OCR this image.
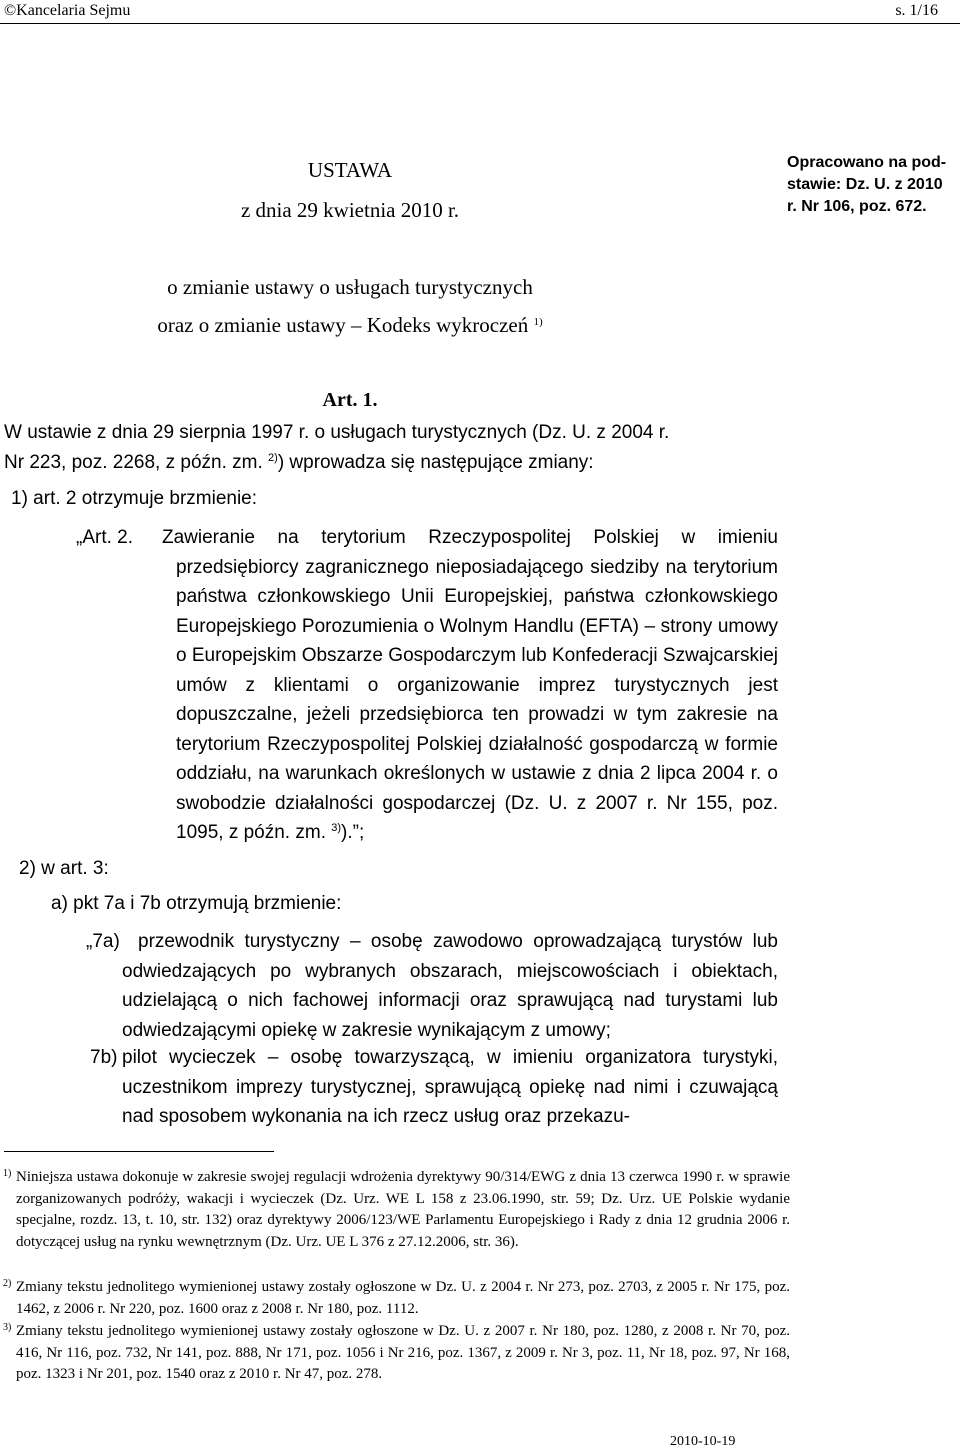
©Kancelaria Sejmu	s. 1/16
USTAWA
z dnia 29 kwietnia 2010 r.
o zmianie ustawy o usługach turystycznych
oraz o zmianie ustawy – Kodeks wykroczeń $^{1)}$
Opracowano na pod-
stawie: Dz. U. z 2010
r. Nr 106, poz. 672.
Art. 1.
W ustawie z dnia 29 sierpnia 1997 r. o usługach turystycznych (Dz. U. z 2004 r.
Nr 223, poz. 2268, z późn. zm. $^{2)}$) wprowadza się następujące zmiany:
1) art. 2 otrzymuje brzmienie:
„Art. 2. Zawieranie na terytorium Rzeczypospolitej Polskiej w imieniu przedsiębiorcy zagranicznego nieposiadającego siedziby na terytorium państwa członkowskiego Unii Europejskiej, państwa członkowskiego Europejskiego Porozumienia o Wolnym Handlu (EFTA) – strony umowy o Europejskim Obszarze Gospodarczym lub Konfederacji Szwajcarskiej umów z klientami o organizowanie imprez turystycznych jest dopuszczalne, jeżeli przedsiębiorca ten prowadzi w tym zakresie na terytorium Rzeczypospolitej Polskiej działalność gospodarczą w formie oddziału, na warunkach określonych w ustawie z dnia 2 lipca 2004 r. o swobodzie działalności gospodarczej (Dz. U. z 2007 r. Nr 155, poz. 1095, z późn. zm. $^{3)}$).”;
2) w art. 3:
a) pkt 7a i 7b otrzymują brzmienie:
„7a) przewodnik turystyczny – osobę zawodowo oprowadzającą turystów lub odwiedzających po wybranych obszarach, miejscowościach i obiektach, udzielającą o nich fachowej informacji oraz sprawującą nad turystami lub odwiedzającymi opiekę w zakresie wynikającym z umowy;
7b) pilot wycieczek – osobę towarzyszącą, w imieniu organizatora turystyki, uczestnikom imprezy turystycznej, sprawującą opiekę nad nimi i czuwającą nad sposobem wykonania na ich rzecz usług oraz przekazu-
1) Niniejsza ustawa dokonuje w zakresie swojej regulacji wdrożenia dyrektywy 90/314/EWG z dnia 13 czerwca 1990 r. w sprawie zorganizowanych podróży, wakacji i wycieczek (Dz. Urz. WE L 158 z 23.06.1990, str. 59; Dz. Urz. UE Polskie wydanie specjalne, rozdz. 13, t. 10, str. 132) oraz dyrektywy 2006/123/WE Parlamentu Europejskiego i Rady z dnia 12 grudnia 2006 r. dotyczącej usług na rynku wewnętrznym (Dz. Urz. UE L 376 z 27.12.2006, str. 36).
2) Zmiany tekstu jednolitego wymienionej ustawy zostały ogłoszone w Dz. U. z 2004 r. Nr 273, poz. 2703, z 2005 r. Nr 175, poz. 1462, z 2006 r. Nr 220, poz. 1600 oraz z 2008 r. Nr 180, poz. 1112.
3) Zmiany tekstu jednolitego wymienionej ustawy zostały ogłoszone w Dz. U. z 2007 r. Nr 180, poz. 1280, z 2008 r. Nr 70, poz. 416, Nr 116, poz. 732, Nr 141, poz. 888, Nr 171, poz. 1056 i Nr 216, poz. 1367, z 2009 r. Nr 3, poz. 11, Nr 18, poz. 97, Nr 168, poz. 1323 i Nr 201, poz. 1540 oraz z 2010 r. Nr 47, poz. 278.
2010-10-19
